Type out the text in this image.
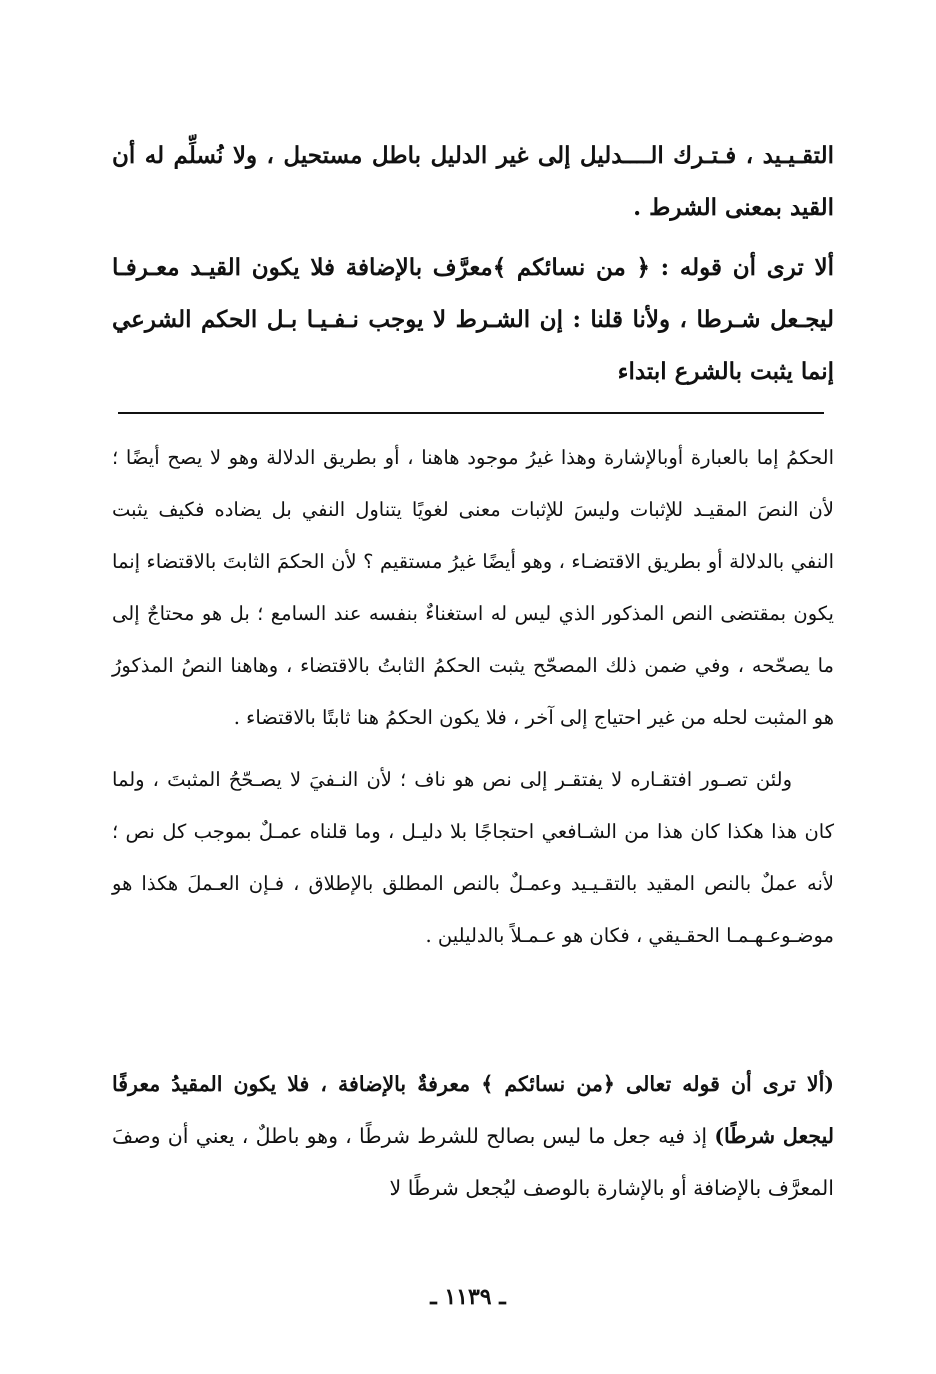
التقـيـيد ، فـتـرك الــــدليل إلى غير الدليل باطل مستحيل ، ولا نُسلِّم له أن القيد بمعنى الشرط .

ألا ترى أن قوله : ﴿ من نسائكم ﴾معرَّف بالإضافة فلا يكون القيـد معـرفـا ليجـعل شـرطا ، ولأنا قلنا : إن الشـرط لا يوجب نـفـيـا بـل الحكم الشرعي إنما يثبت بالشرع ابتداء

الحكمُ إما بالعبارة أوبالإشارة وهذا غيرُ موجود هاهنا ، أو بطريق الدلالة وهو لا يصح أيضًا ؛ لأن النصَ المقيـد للإثبات وليسَ للإثبات معنى لغويًا يتناول النفي بل يضاده فكيف يثبت النفي بالدلالة أو بطريق الاقتضـاء ، وهو أيضًا غيرُ مستقيم ؟ لأن الحكمَ الثابتَ بالاقتضاء إنما يكون بمقتضى النص المذكور الذي ليس له استغناءٌ بنفسه عند السامع ؛ بل هو محتاجٌ إلى ما يصحّحه ، وفي ضمن ذلك المصحّح يثبت الحكمُ الثابتُ بالاقتضاء ، وهاهنا النصُ المذكورُ هو المثبت لحله من غير احتياج إلى آخر ، فلا يكون الحكمُ هنا ثابتًا بالاقتضاء .

ولئن تصـور افتقـاره لا يفتقـر إلى نص هو ناف ؛ لأن النـفيَ لا يصـحّحُ المثبتَ ، ولما كان هذا هكذا كان هذا من الشـافعي احتجاجًا بلا دليـل ، وما قلناه عمـلٌ بموجب كل نص ؛ لأنه عملٌ بالنص المقيد بالتقـيـيد وعمـلٌ بالنص المطلق بالإطلاق ، فـإن العـملَ هكذا هو موضـوعـهـمـا الحقـيقي ، فكان هو عـمـلاً بالدليلين .

(ألا ترى أن قوله تعالى ﴿من نسائكم ﴾ معرفةٌ بالإضافة ، فلا يكون المقيدُ معرفًا ليجعل شرطًا) إذ فيه جعل ما ليس بصالح للشرط شرطًا ، وهو باطلٌ ، يعني أن وصفَ المعرَّف بالإضافة أو بالإشارة بالوصف ليُجعل شرطًا لا

ـ ١١٣٩ ـ
